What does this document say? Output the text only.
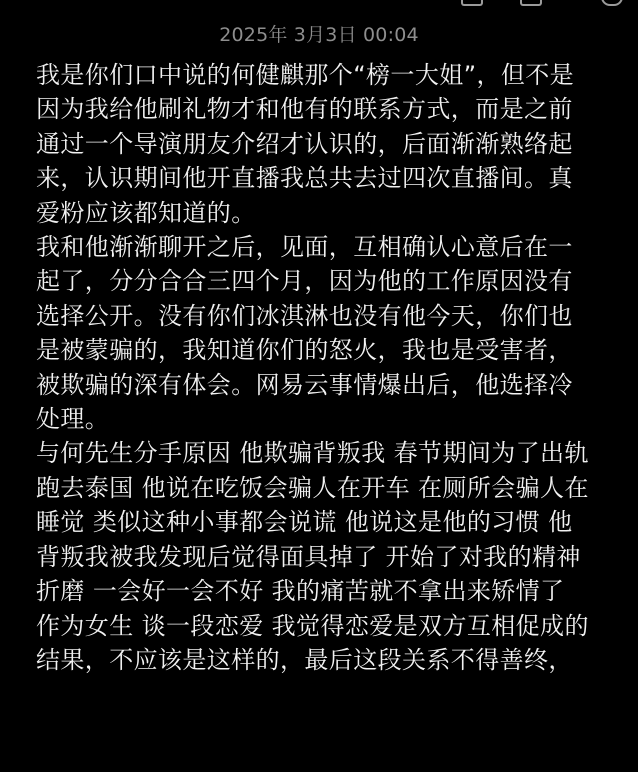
2025年 3月3日 00:04

我是你们口中说的何健麒那个“榜一大姐”，但不是

因为我给他刷礼物才和他有的联系方式，而是之前

通过一个导演朋友介绍才认识的，后面渐渐熟络起

来，认识期间他开直播我总共去过四次直播间。真

爱粉应该都知道的。

我和他渐渐聊开之后，见面，互相确认心意后在一

起了，分分合合三四个月，因为他的工作原因没有

选择公开。没有你们冰淇淋也没有他今天，你们也

是被蒙骗的，我知道你们的怒火，我也是受害者，

被欺骗的深有体会。网易云事情爆出后，他选择冷

处理。

与何先生分手原因 他欺骗背叛我 春节期间为了出轨

跑去泰国 他说在吃饭会骗人在开车 在厕所会骗人在

睡觉 类似这种小事都会说谎 他说这是他的习惯 他

背叛我被我发现后觉得面具掉了 开始了对我的精神

折磨 一会好一会不好 我的痛苦就不拿出来矫情了

作为女生 谈一段恋爱 我觉得恋爱是双方互相促成的

结果，不应该是这样的，最后这段关系不得善终，
